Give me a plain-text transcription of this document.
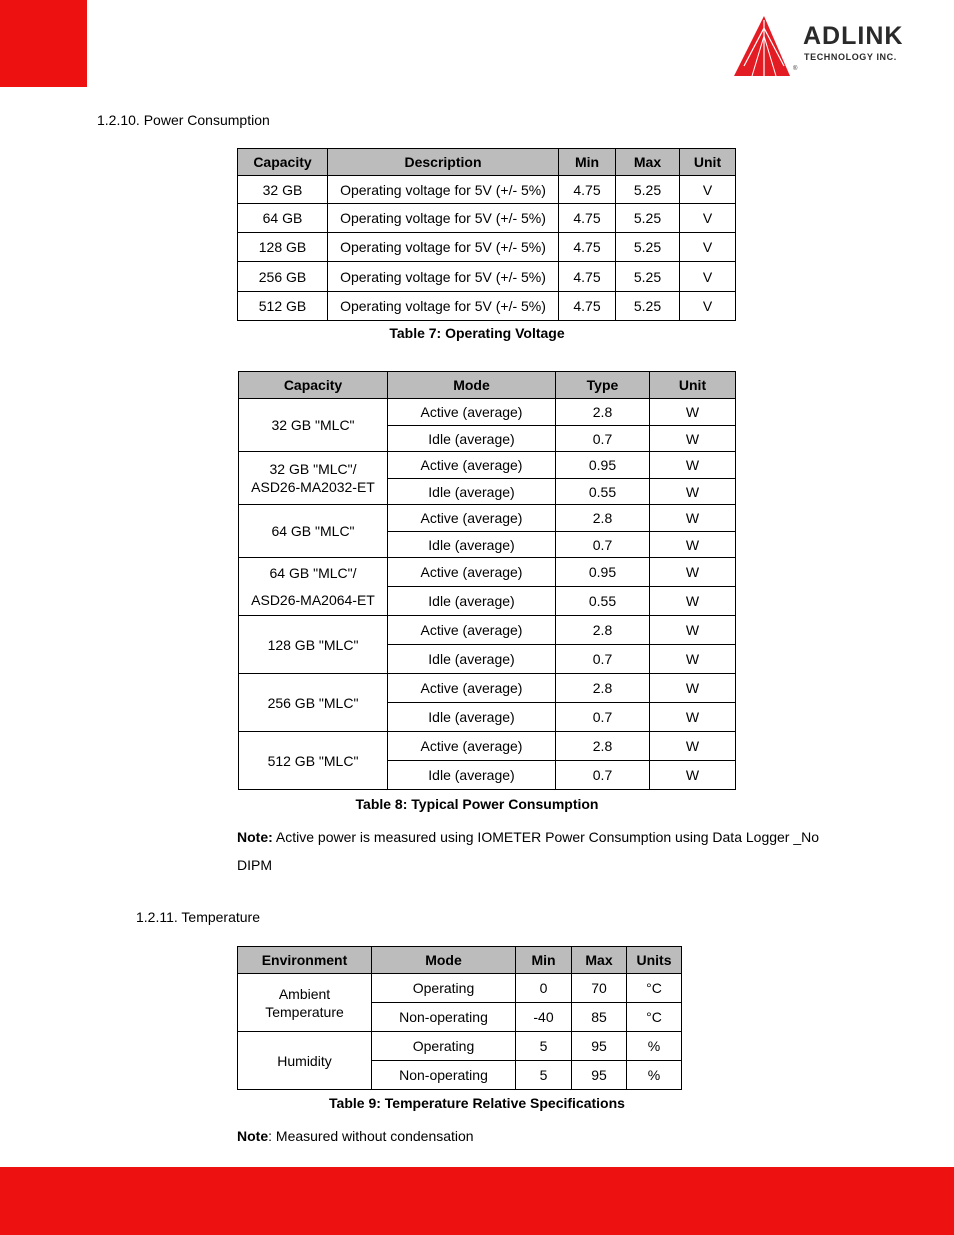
ADLINK
TECHNOLOGY INC.
®
1.2.10. Power Consumption
Capacity	Description	Min	Max	Unit
32 GB	Operating voltage for 5V (+/- 5%)	4.75	5.25	V
64 GB	Operating voltage for 5V (+/- 5%)	4.75	5.25	V
128 GB	Operating voltage for 5V (+/- 5%)	4.75	5.25	V
256 GB	Operating voltage for 5V (+/- 5%)	4.75	5.25	V
512 GB	Operating voltage for 5V (+/- 5%)	4.75	5.25	V
Table 7: Operating Voltage
Capacity	Mode	Type	Unit
32 GB "MLC"	Active (average)	2.8	W
	Idle (average)	0.7	W
32 GB "MLC"/
ASD26-MA2032-ET	Active (average)	0.95	W
	Idle (average)	0.55	W
64 GB "MLC"	Active (average)	2.8	W
	Idle (average)	0.7	W
64 GB "MLC"/
ASD26-MA2064-ET	Active (average)	0.95	W
	Idle (average)	0.55	W
128 GB "MLC"	Active (average)	2.8	W
	Idle (average)	0.7	W
256 GB "MLC"	Active (average)	2.8	W
	Idle (average)	0.7	W
512 GB "MLC"	Active (average)	2.8	W
	Idle (average)	0.7	W
Table 8: Typical Power Consumption
Note: Active power is measured using IOMETER Power Consumption using Data Logger _No DIPM
1.2.11. Temperature
Environment	Mode	Min	Max	Units
Ambient
Temperature	Operating	0	70	°C
	Non-operating	-40	85	°C
Humidity	Operating	5	95	%
	Non-operating	5	95	%
Table 9: Temperature Relative Specifications
Note: Measured without condensation
